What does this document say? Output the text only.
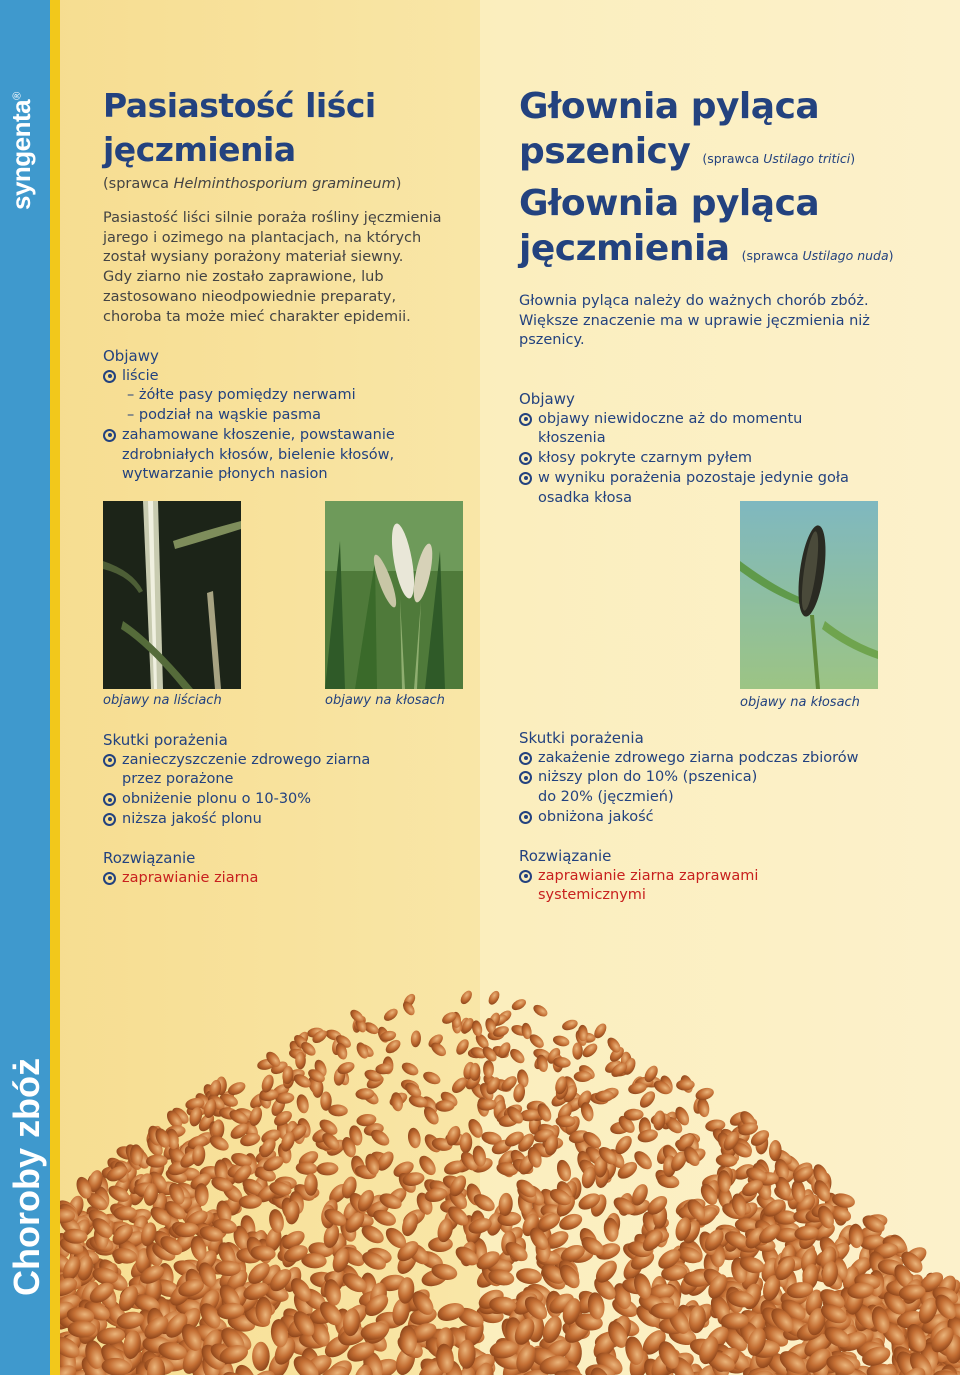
syngenta®
Choroby zbóż
Pasiastość liści
jęczmienia
(sprawca Helminthosporium gramineum)
Pasiastość liści silnie poraża rośliny jęczmienia
jarego i ozimego na plantacjach, na których
został wysiany porażony materiał siewny.
Gdy ziarno nie zostało zaprawione, lub
zastosowano nieodpowiednie preparaty,
choroba ta może mieć charakter epidemii.
Objawy
liście
– żółte pasy pomiędzy nerwami
– podział na wąskie pasma
zahamowane kłoszenie, powstawanie
zdrobniałych kłosów, bielenie kłosów,
wytwarzanie płonych nasion
objawy na liściach	objawy na kłosach
Skutki porażenia
zanieczyszczenie zdrowego ziarna
przez porażone
obniżenie plonu o 10-30%
niższa jakość plonu
Rozwiązanie
zaprawianie ziarna
Głownia pyląca
pszenicy (sprawca Ustilago tritici)
Głownia pyląca
jęczmienia (sprawca Ustilago nuda)
Głownia pyląca należy do ważnych chorób zbóż.
Większe znaczenie ma w uprawie jęczmienia niż
pszenicy.
Objawy
objawy niewidoczne aż do momentu
kłoszenia
kłosy pokryte czarnym pyłem
w wyniku porażenia pozostaje jedynie goła
osadka kłosa
objawy na kłosach
Skutki porażenia
zakażenie zdrowego ziarna podczas zbiorów
niższy plon do 10% (pszenica)
do 20% (jęczmień)
obniżona jakość
Rozwiązanie
zaprawianie ziarna zaprawami
systemicznymi
